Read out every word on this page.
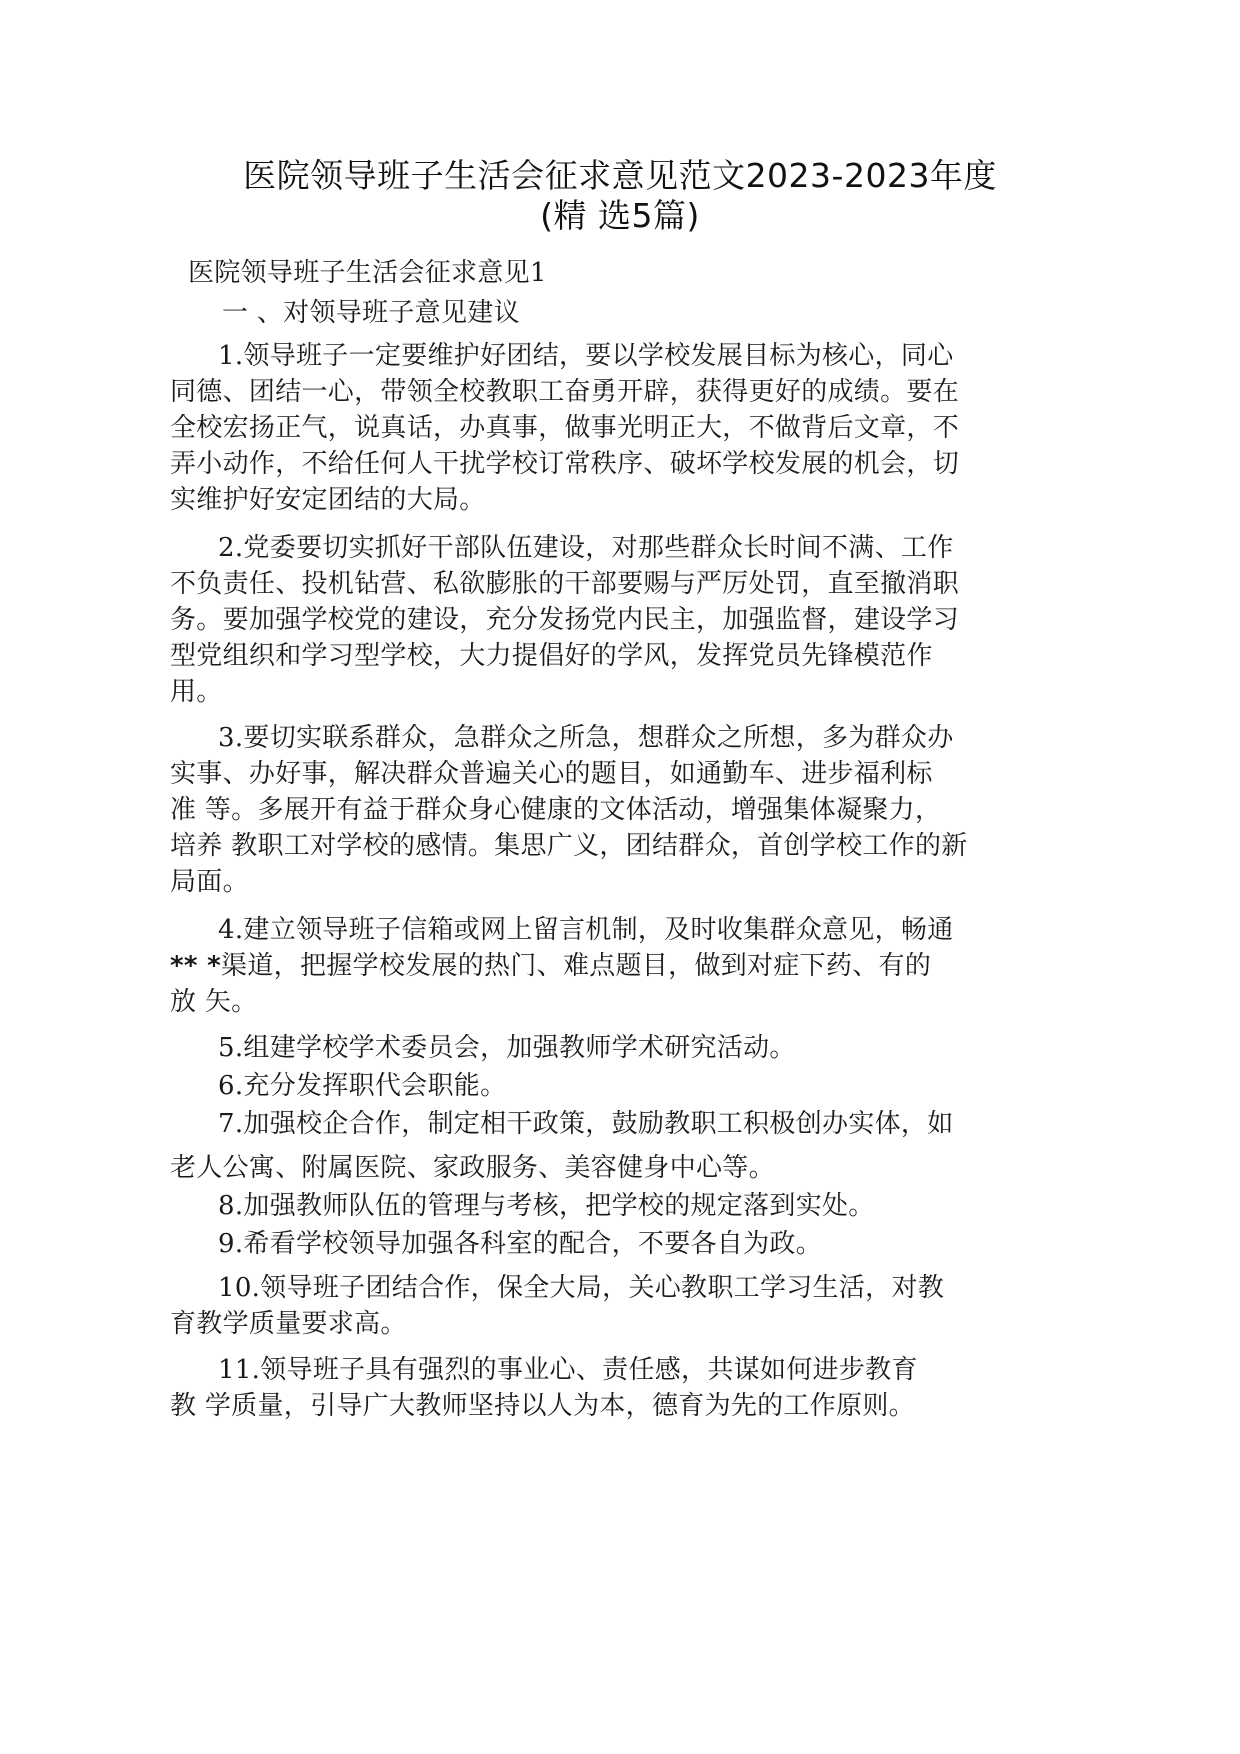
医院领导班子生活会征求意见范文2023-2023年度
(精 选5篇)
医院领导班子生活会征求意见1
一 、对领导班子意见建议
1.领导班子一定要维护好团结，要以学校发展目标为核心，同心
同德、团结一心，带领全校教职工奋勇开辟，获得更好的成绩。要在
全校宏扬正气，说真话，办真事，做事光明正大，不做背后文章，不
弄小动作，不给任何人干扰学校订常秩序、破坏学校发展的机会，切
实维护好安定团结的大局。
2.党委要切实抓好干部队伍建设，对那些群众长时间不满、工作
不负责任、投机钻营、私欲膨胀的干部要赐与严厉处罚，直至撤消职
务。要加强学校党的建设，充分发扬党内民主，加强监督，建设学习
型党组织和学习型学校，大力提倡好的学风，发挥党员先锋模范作
用。
3.要切实联系群众，急群众之所急，想群众之所想，多为群众办
实事、办好事，解决群众普遍关心的题目，如通勤车、进步福利标
准 等。多展开有益于群众身心健康的文体活动，增强集体凝聚力，
培养 教职工对学校的感情。集思广义，团结群众，首创学校工作的新
局面。
4.建立领导班子信箱或网上留言机制，及时收集群众意见，畅通
** *渠道，把握学校发展的热门、难点题目，做到对症下药、有的
放 矢。
5.组建学校学术委员会，加强教师学术研究活动。
6.充分发挥职代会职能。
7.加强校企合作，制定相干政策，鼓励教职工积极创办实体，如
老人公寓、附属医院、家政服务、美容健身中心等。
8.加强教师队伍的管理与考核，把学校的规定落到实处。
9.希看学校领导加强各科室的配合，不要各自为政。
10.领导班子团结合作，保全大局，关心教职工学习生活，对教
育教学质量要求高。
11.领导班子具有强烈的事业心、责任感，共谋如何进步教育
教 学质量，引导广大教师坚持以人为本，德育为先的工作原则。
